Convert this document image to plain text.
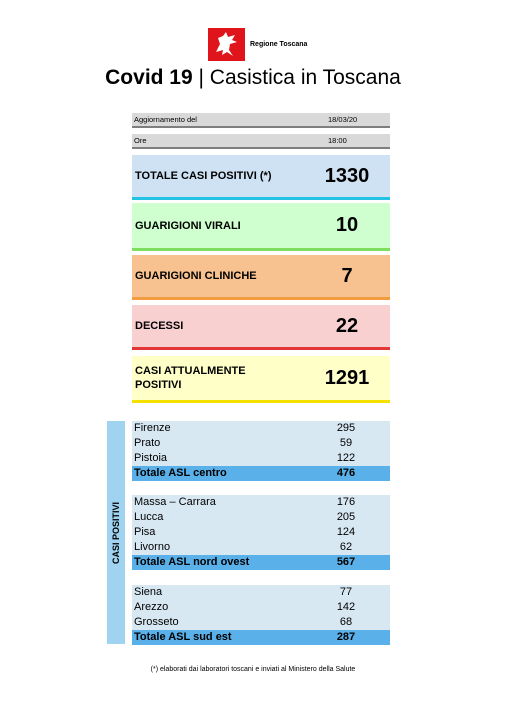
Regione Toscana
Covid 19 | Casistica in Toscana
Aggiornamento del	18/03/20
Ore	18:00
TOTALE CASI POSITIVI (*)	1330
GUARIGIONI VIRALI	10
GUARIGIONI CLINICHE	7
DECESSI	22
CASI ATTUALMENTE POSITIVI	1291
CASI POSITIVI
Firenze	295
Prato	59
Pistoia	122
Totale ASL centro	476
Massa – Carrara	176
Lucca	205
Pisa	124
Livorno	62
Totale ASL nord ovest	567
Siena	77
Arezzo	142
Grosseto	68
Totale ASL sud est	287
(*) elaborati dai laboratori toscani e inviati al Ministero della Salute
